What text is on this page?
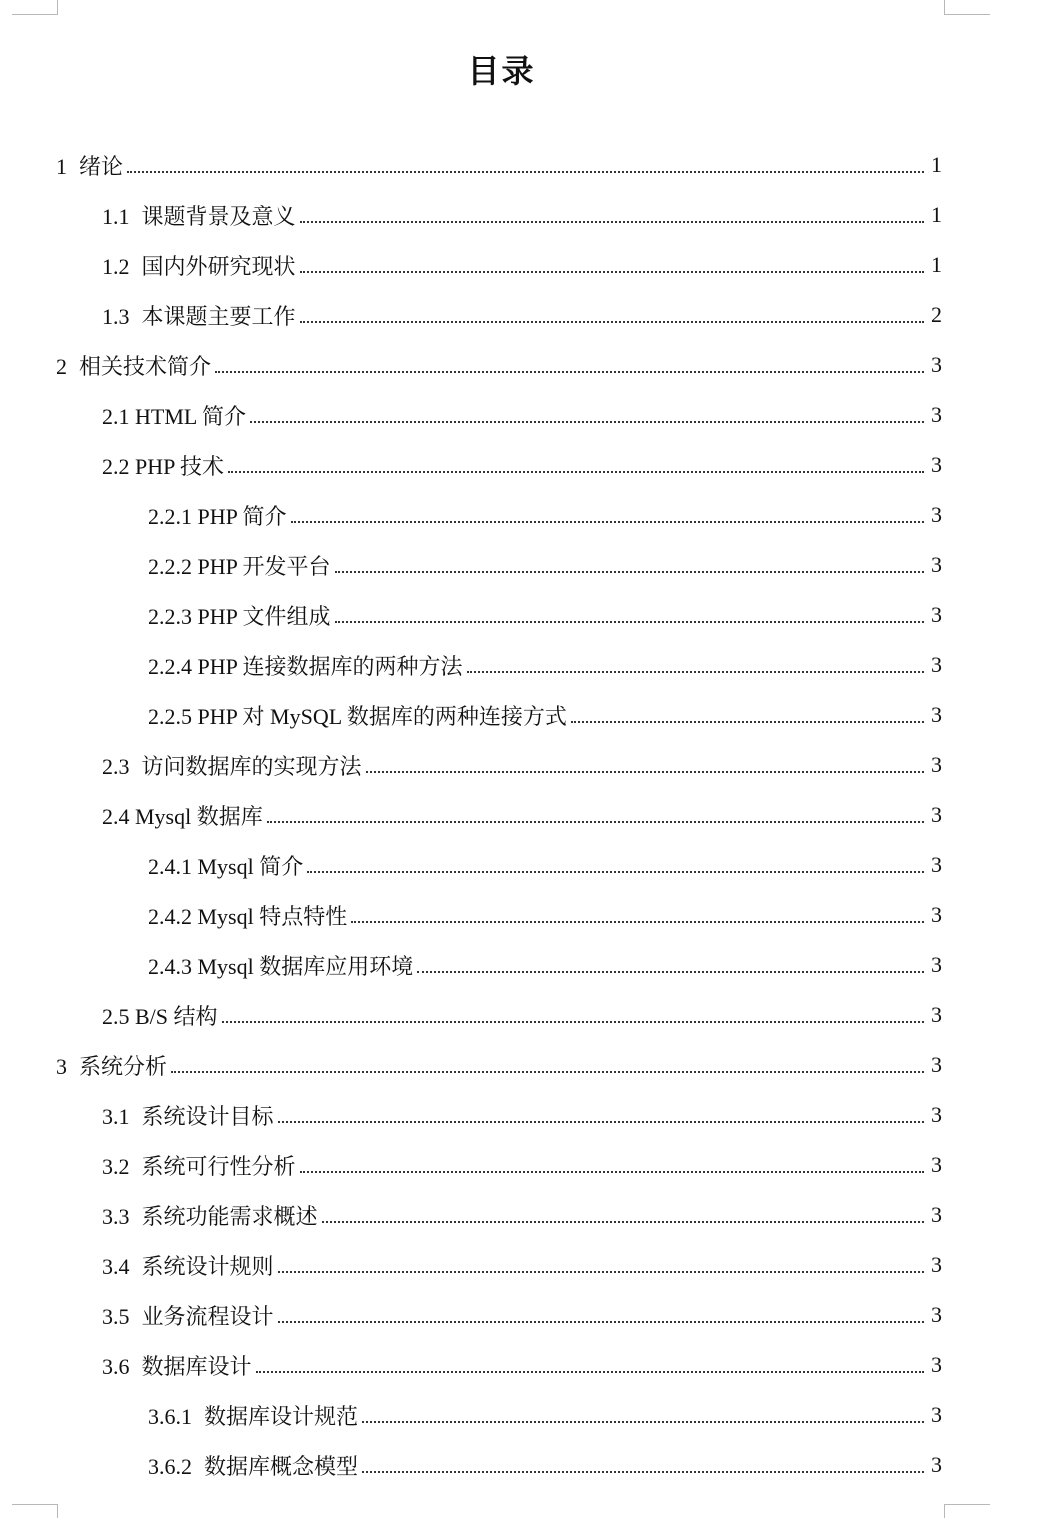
目录
1 绪论	1
1.1 课题背景及意义	1
1.2 国内外研究现状	1
1.3 本课题主要工作	2
2 相关技术简介	3
2.1 HTML 简介	3
2.2 PHP 技术	3
2.2.1 PHP 简介	3
2.2.2 PHP 开发平台	3
2.2.3 PHP 文件组成	3
2.2.4 PHP 连接数据库的两种方法	3
2.2.5 PHP 对 MySQL 数据库的两种连接方式	3
2.3 访问数据库的实现方法	3
2.4 Mysql 数据库	3
2.4.1 Mysql 简介	3
2.4.2 Mysql 特点特性	3
2.4.3 Mysql 数据库应用环境	3
2.5 B/S 结构	3
3 系统分析	3
3.1 系统设计目标	3
3.2 系统可行性分析	3
3.3 系统功能需求概述	3
3.4 系统设计规则	3
3.5 业务流程设计	3
3.6 数据库设计	3
3.6.1 数据库设计规范	3
3.6.2 数据库概念模型	3
